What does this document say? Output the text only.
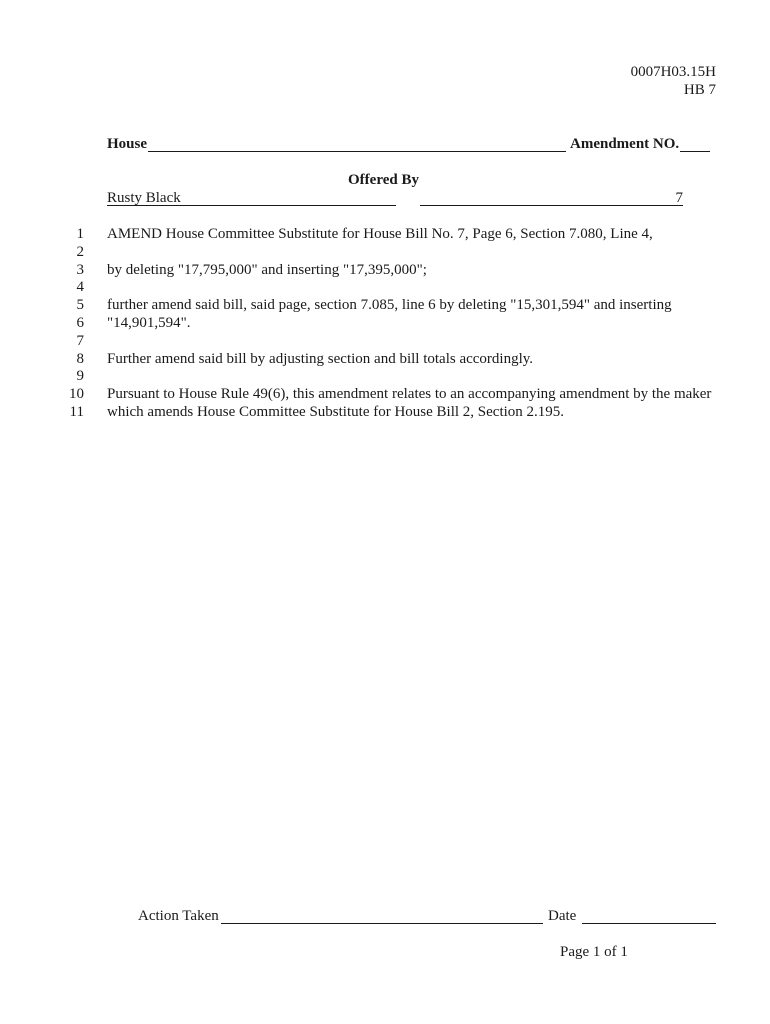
0007H03.15H
HB 7
House	Amendment NO.
Offered By
Rusty Black	7
1 AMEND House Committee Substitute for House Bill No. 7, Page 6, Section 7.080, Line 4,
2
3 by deleting "17,795,000" and inserting "17,395,000";
4
5 further amend said bill, said page, section 7.085, line 6 by deleting "15,301,594" and inserting
6 "14,901,594".
7
8 Further amend said bill by adjusting section and bill totals accordingly.
9
10 Pursuant to House Rule 49(6), this amendment relates to an accompanying amendment by the maker
11 which amends House Committee Substitute for House Bill 2, Section 2.195.
Action Taken	Date
Page 1 of 1
